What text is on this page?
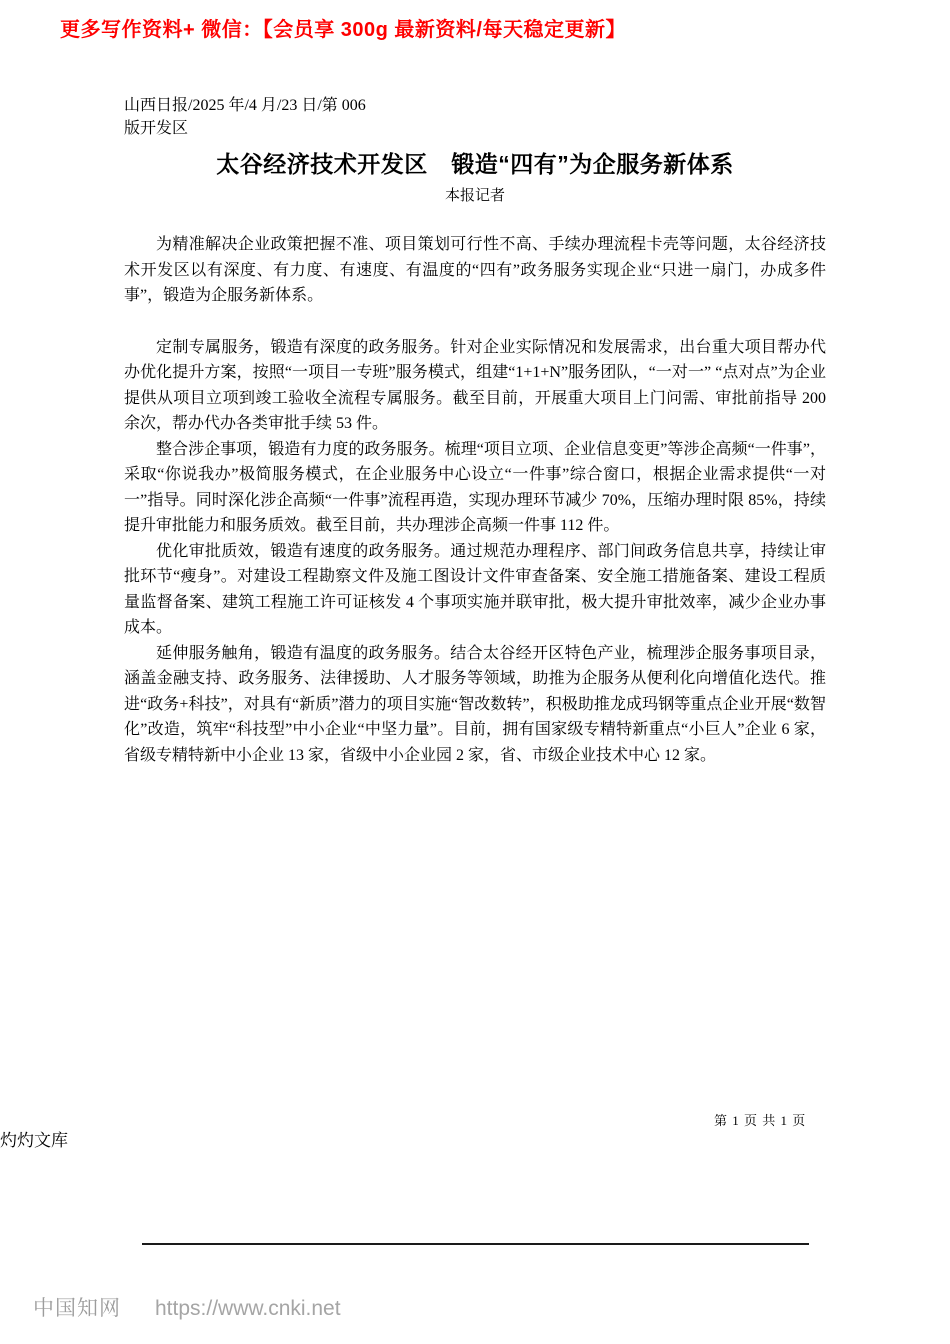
更多写作资料+ 微信：【会员享 300g 最新资料/每天稳定更新】
山西日报/2025 年/4 月/23 日/第 006
版开发区
太谷经济技术开发区　锻造“四有”为企服务新体系
本报记者

为精准解决企业政策把握不准、项目策划可行性不高、手续办理流程卡壳等问题，太谷经济技术开发区以有深度、有力度、有速度、有温度的“四有”政务服务实现企业“只进一扇门，办成多件事”，锻造为企服务新体系。

定制专属服务，锻造有深度的政务服务。针对企业实际情况和发展需求，出台重大项目帮办代办优化提升方案，按照“一项目一专班”服务模式，组建“1+1+N”服务团队，“一对一” “点对点”为企业提供从项目立项到竣工验收全流程专属服务。截至目前，开展重大项目上门问需、审批前指导 200 余次，帮办代办各类审批手续 53 件。

整合涉企事项，锻造有力度的政务服务。梳理“项目立项、企业信息变更”等涉企高频“一件事”，采取“你说我办”极简服务模式，在企业服务中心设立“一件事”综合窗口，根据企业需求提供“一对一”指导。同时深化涉企高频“一件事”流程再造，实现办理环节减少 70%，压缩办理时限 85%，持续提升审批能力和服务质效。截至目前，共办理涉企高频一件事 112 件。

优化审批质效，锻造有速度的政务服务。通过规范办理程序、部门间政务信息共享，持续让审批环节“瘦身”。对建设工程勘察文件及施工图设计文件审查备案、安全施工措施备案、建设工程质量监督备案、建筑工程施工许可证核发 4 个事项实施并联审批，极大提升审批效率，减少企业办事成本。

延伸服务触角，锻造有温度的政务服务。结合太谷经开区特色产业，梳理涉企服务事项目录，涵盖金融支持、政务服务、法律援助、人才服务等领域，助推为企服务从便利化向增值化迭代。推进“政务+科技”，对具有“新质”潜力的项目实施“智改数转”，积极助推龙成玛钢等重点企业开展“数智化”改造，筑牢“科技型”中小企业“中坚力量”。目前，拥有国家级专精特新重点“小巨人”企业 6 家，省级专精特新中小企业 13 家，省级中小企业园 2 家，省、市级企业技术中心 12 家。

第 1 页 共 1 页
灼灼文库
中国知网 https://www.cnki.net
